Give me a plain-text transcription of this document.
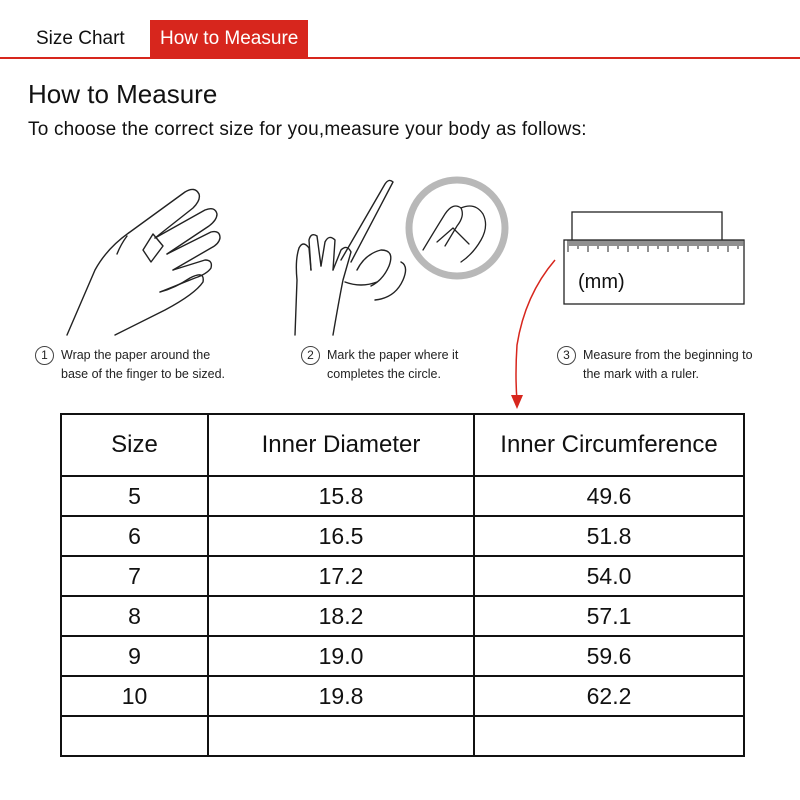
Size Chart	How to Measure
How to Measure
To choose the correct size for you,measure your body as follows:
(mm)
1	Wrap the paper around the
base of the finger to be sized.
2	Mark the paper where it
completes the circle.
3	Measure from the beginning to
the mark with a ruler.
Size	Inner Diameter	Inner Circumference
5	15.8	49.6
6	16.5	51.8
7	17.2	54.0
8	18.2	57.1
9	19.0	59.6
10	19.8	62.2
